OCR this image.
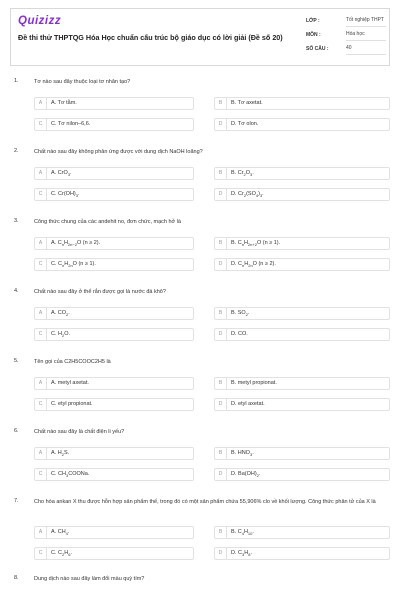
Quizizz
Đề thi thử THPTQG Hóa Học chuẩn cấu trúc bộ giáo dục có lời giải (Đề số 20)
LỚP :	Tốt nghiệp THPT
MÔN :	Hóa học
SỐ CÂU :	40
1.	Tơ nào sau đây thuộc loại tơ nhân tạo?
A	A. Tơ tằm.	B	B. Tơ axetat.
C	C. Tơ nilon–6,6.	D	D. Tơ olon.
2.	Chất nào sau đây không phản ứng được với dung dịch NaOH loãng?
A	A. CrO$_3$.	B	B. $Cr_2O_3$.
C	C. $Cr(OH)_3$.	D	D. $Cr_2(SO_4)_3$.
3.	Công thức chung của các andehit no, đơn chức, mạch hở là
A	A. $C_nH_{2n-2}O$ (n ≥ 2).	B	B. $C_nH_{2n+2}O$ (n ≥ 1).
C	C. $C_nH_{2n}O$ (n ≥ 1).	D	D. $C_nH_{2n}O$ (n ≥ 2).
4.	Chất nào sau đây ở thể rắn được gọi là nước đá khô?
A	A. $CO_2$.	B	B. $SO_2$.
C	C. $H_2O$.	D	D. CO.
5.	Tên gọi của C2H5COOC2H5 là
A	A. metyl axetat.	B	B. metyl propionat.
C	C. etyl propionat.	D	D. etyl axetat.
6.	Chất nào sau đây là chất điện li yếu?
A	A. $H_2S$.	B	B. $HNO_3$.
C	C. $CH_3COONa$.	D	D. $Ba(OH)_2$.
7.	Cho hóa ankan X thu được hỗn hợp sản phẩm thế, trong đó có một sản phẩm chứa 55,906% clo về khối lượng. Công thức phân tử của X là
A	A. $CH_4$.	B	B. $C_4H_{10}$.
C	C. $C_2H_6$.	D	D. $C_3H_8$.
8.	Dung dịch nào sau đây làm đổi màu quỳ tím?
